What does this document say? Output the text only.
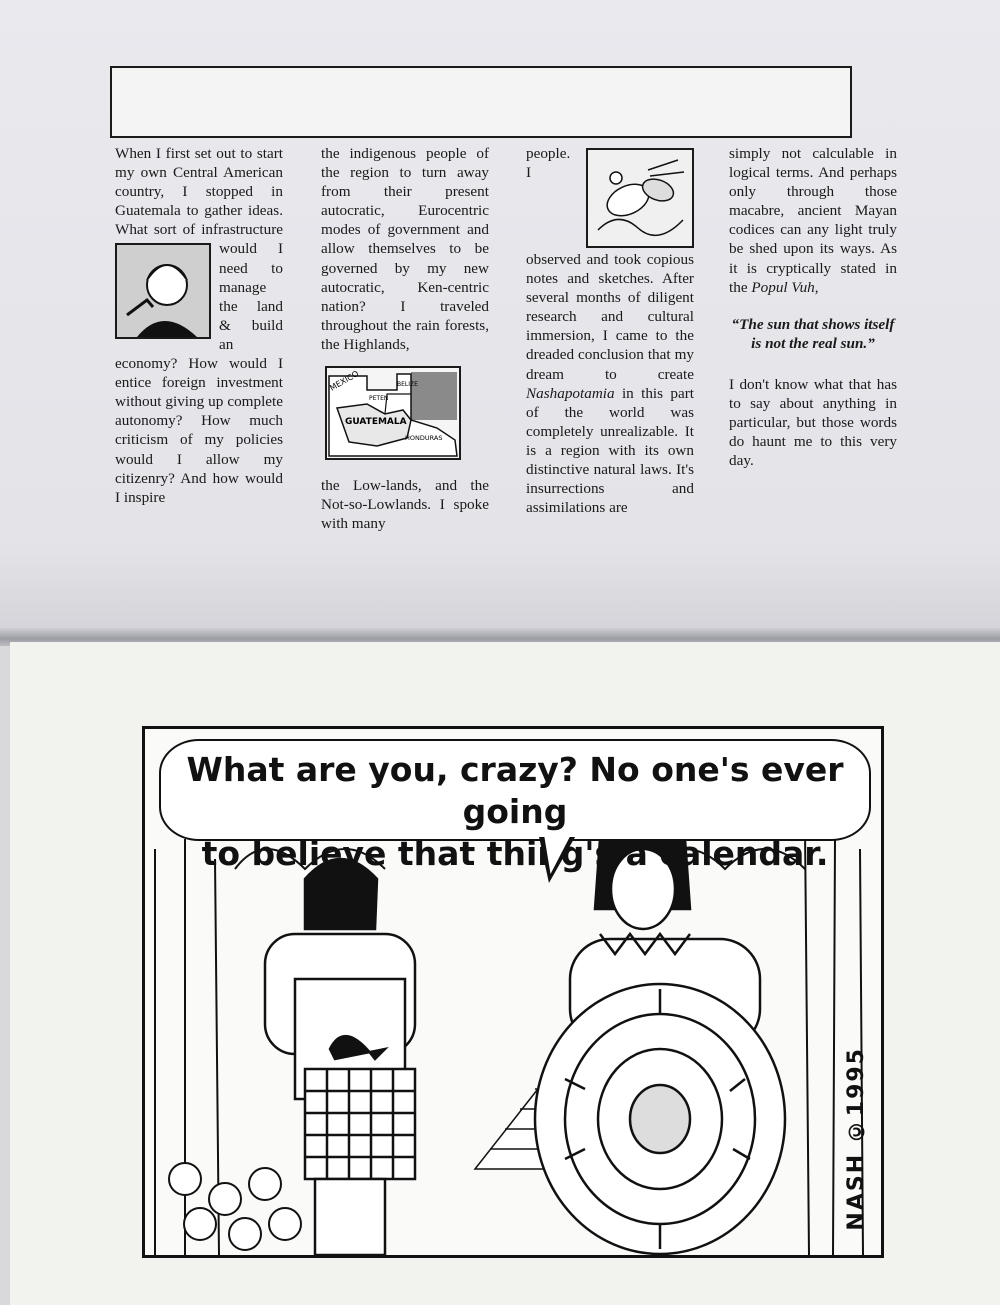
When I first set out to start my own Central American country, I stopped in Guatemala to gather ideas. What sort of infrastructure
would I need to manage the land & build an economy? How would I entice foreign investment without giving up complete autonomy? How much criticism of my policies would I allow my citizenry? And how would I inspire

the indigenous people of the region to turn away from their present autocratic, Eurocentric modes of government and allow themselves to be governed by my new autocratic, Ken-centric nation? I traveled throughout the rain forests, the Highlands,

MEXICO
PETEN
BELIZE
GUATEMALA
HONDURAS

the Low-lands, and the Not-so-Lowlands. I spoke with many

people. I observed and took copious notes and sketches. After several months of diligent research and cultural immersion, I came to the dreaded conclusion that my dream to create Nashapotamia in this part of the world was completely unrealizable. It is a region with its own distinctive natural laws. It's insurrections and assimilations are

simply not calculable in logical terms. And perhaps only through those macabre, ancient Mayan codices can any light truly be shed upon its ways. As it is cryptically stated in the Popul Vuh,

“The sun that shows itself is not the real sun.”

I don't know what that has to say about anything in particular, but those words do haunt me to this very day.

What are you, crazy? No one's ever going
to believe that thing's a calendar.
NASH ©1995
